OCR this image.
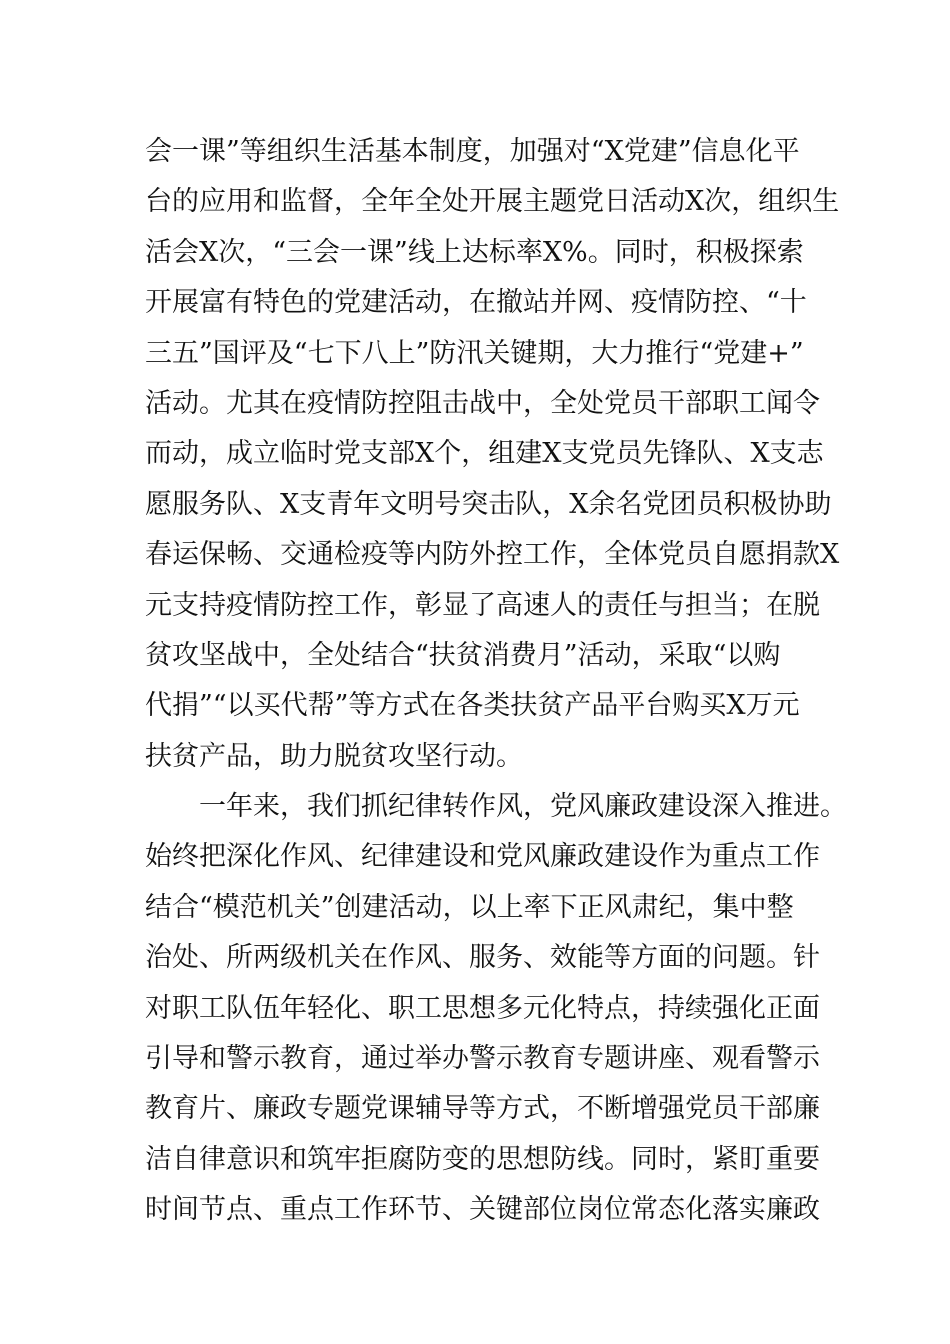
会一课”等组织生活基本制度，加强对“X党建”信息化平
台的应用和监督，全年全处开展主题党日活动X次，组织生
活会X次，“三会一课”线上达标率X%。同时，积极探索
开展富有特色的党建活动，在撤站并网、疫情防控、“十
三五”国评及“七下八上”防汛关键期，大力推行“党建+”
活动。尤其在疫情防控阻击战中，全处党员干部职工闻令
而动，成立临时党支部X个，组建X支党员先锋队、X支志
愿服务队、X支青年文明号突击队，X余名党团员积极协助
春运保畅、交通检疫等内防外控工作，全体党员自愿捐款X
元支持疫情防控工作，彰显了高速人的责任与担当；在脱
贫攻坚战中，全处结合“扶贫消费月”活动，采取“以购
代捐”“以买代帮”等方式在各类扶贫产品平台购买X万元
扶贫产品，助力脱贫攻坚行动。
一年来，我们抓纪律转作风，党风廉政建设深入推进。
始终把深化作风、纪律建设和党风廉政建设作为重点工作
结合“模范机关”创建活动，以上率下正风肃纪，集中整
治处、所两级机关在作风、服务、效能等方面的问题。针
对职工队伍年轻化、职工思想多元化特点，持续强化正面
引导和警示教育，通过举办警示教育专题讲座、观看警示
教育片、廉政专题党课辅导等方式，不断增强党员干部廉
洁自律意识和筑牢拒腐防变的思想防线。同时，紧盯重要
时间节点、重点工作环节、关键部位岗位常态化落实廉政
